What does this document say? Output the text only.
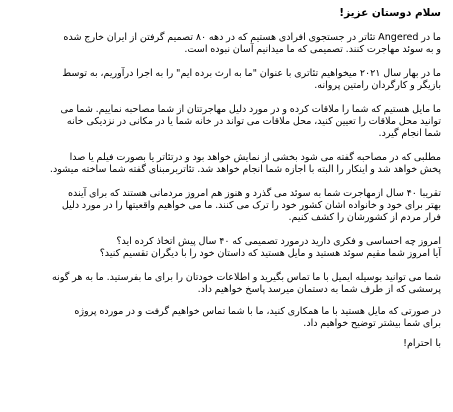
سلام دوستان عزیز!
ما در Angered تئاتر در جستجوی افرادی هستیم که در دهه ۸۰ تصمیم گرفتن از ایران خارج شده
و به سوئد مهاجرت کنند. تصمیمی که ما میدانیم آسان نبوده است.
ما در بهار سال ۲۰۲۱ میخواهیم تئاتری با عنوان "ما به ارث برده ایم" را به اجرا درآوریم، به توسط
بازیگر و کارگردان رامتین پروانه.
ما مایل هستیم که شما را ملاقات کرده و در مورد دلیل مهاجرتتان از شما مصاحبه نماییم. شما می
توانید محل ملاقات را تعیین کنید، محل ملاقات می تواند در خانه شما یا در مکانی در نزدیکی خانه
شما انجام گیرد.
مطلبی که در مصاحبه گفته می شود بخشی از نمایش خواهد بود و درتئاتر یا بصورت فیلم یا صدا
پخش خواهد شد و اینکار را البته با اجازه شما انجام خواهد شد. تئاتربرمبنای گفته شما ساخته میشود.
تقریبا ۴۰ سال ازمهاجرت شما به سوئد می گذرد و هنوز هم امروز مردمانی هستند که برای آینده
بهتر برای خود و خانواده اشان کشور خود را ترک می کنند. ما می خواهیم واقعیتها را در مورد دلیل
فرار مردم از کشورشان را کشف کنیم.
امروز چه احساسی و فکری دارید درمورد تصمیمی که ۴۰ سال پیش اتخاذ کرده اید؟
آیا امروز شما مقیم سوئد هستید و مایل هستید که داستان خود را با دیگران تقسیم کنید؟
شما می توانید بوسیله ایمیل با ما تماس بگیرید و اطلاعات خودتان را برای ما بفرستید. ما به هر گونه
پرسشی که از طرف شما به دستمان میرسد پاسخ خواهیم داد.
در صورتی که مایل هستید با ما همکاری کنید، ما با شما تماس خواهیم گرفت و در مورده پروژه
برای شما بیشتر توضیح خواهیم داد.
با احترام!
